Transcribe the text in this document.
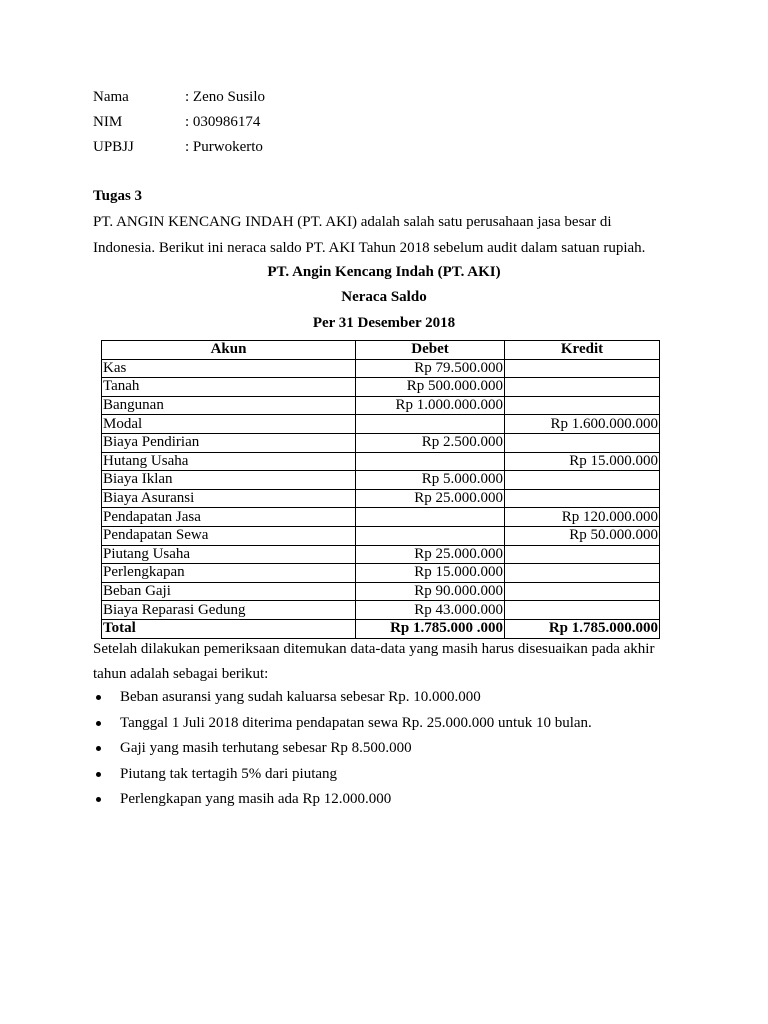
Nama	: Zeno Susilo
NIM	: 030986174
UPBJJ	: Purwokerto
Tugas 3
PT. ANGIN KENCANG INDAH (PT. AKI) adalah salah satu perusahaan jasa besar di
Indonesia. Berikut ini neraca saldo PT. AKI Tahun 2018 sebelum audit dalam satuan rupiah.
PT. Angin Kencang Indah (PT. AKI)
Neraca Saldo
Per 31 Desember 2018
Akun	Debet	Kredit
Kas	Rp 79.500.000	
Tanah	Rp 500.000.000	
Bangunan	Rp 1.000.000.000	
Modal		Rp 1.600.000.000
Biaya Pendirian	Rp 2.500.000	
Hutang Usaha		Rp 15.000.000
Biaya Iklan	Rp 5.000.000	
Biaya Asuransi	Rp 25.000.000	
Pendapatan Jasa		Rp 120.000.000
Pendapatan Sewa		Rp 50.000.000
Piutang Usaha	Rp 25.000.000	
Perlengkapan	Rp 15.000.000	
Beban Gaji	Rp 90.000.000	
Biaya Reparasi Gedung	Rp 43.000.000	
Total	Rp 1.785.000 .000	Rp 1.785.000.000
Setelah dilakukan pemeriksaan ditemukan data-data yang masih harus disesuaikan pada akhir
tahun adalah sebagai berikut:
Beban asuransi yang sudah kaluarsa sebesar Rp. 10.000.000
Tanggal 1 Juli 2018 diterima pendapatan sewa Rp. 25.000.000 untuk 10 bulan.
Gaji yang masih terhutang sebesar Rp 8.500.000
Piutang tak tertagih 5% dari piutang
Perlengkapan yang masih ada Rp 12.000.000
